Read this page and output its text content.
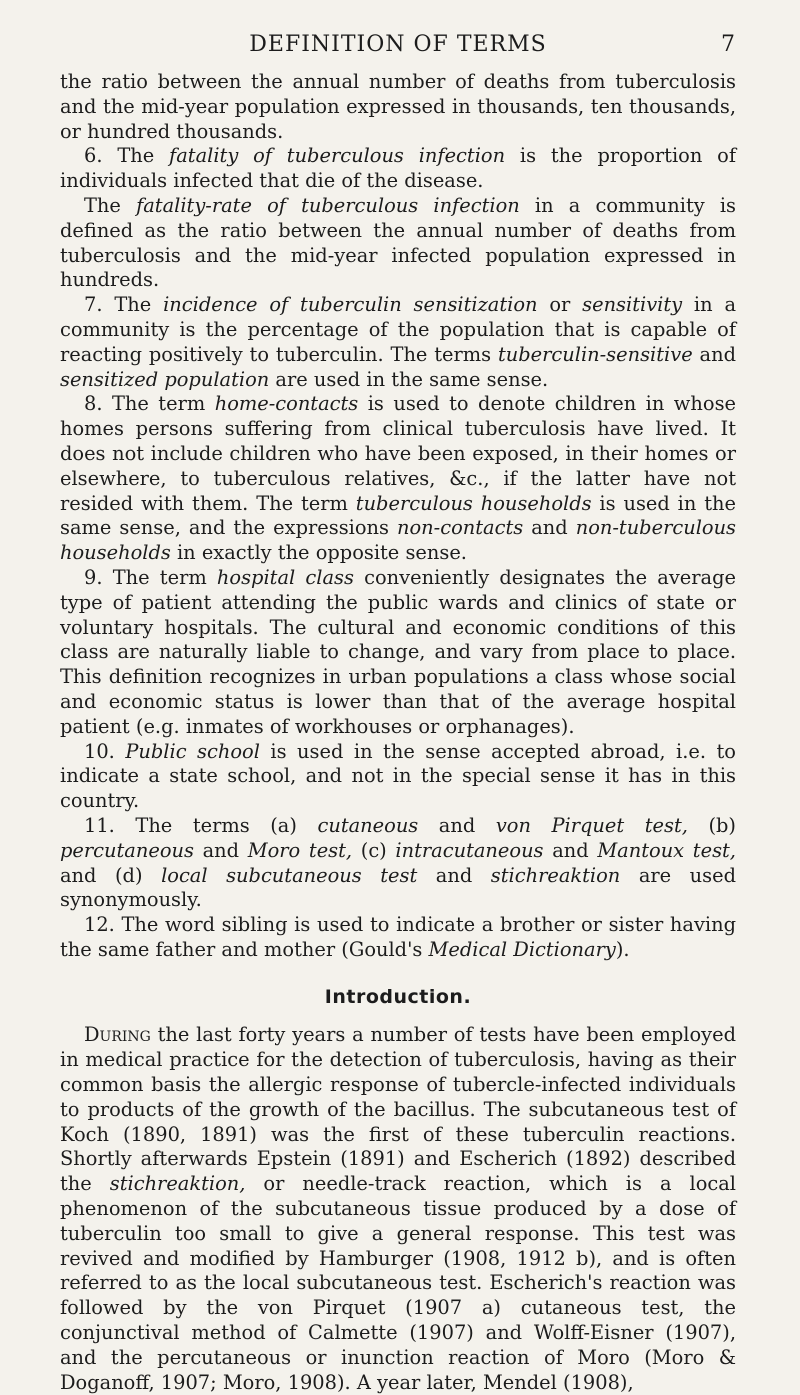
DEFINITION OF TERMS	7

the ratio between the annual number of deaths from tuberculosis and the mid-year population expressed in thousands, ten thousands, or hundred thousands.

6. The fatality of tuberculous infection is the proportion of individuals infected that die of the disease.

The fatality-rate of tuberculous infection in a community is defined as the ratio between the annual number of deaths from tuberculosis and the mid-year infected population expressed in hundreds.

7. The incidence of tuberculin sensitization or sensitivity in a community is the percentage of the population that is capable of reacting positively to tuberculin. The terms tuberculin-sensitive and sensitized population are used in the same sense.

8. The term home-contacts is used to denote children in whose homes persons suffering from clinical tuberculosis have lived. It does not include children who have been exposed, in their homes or elsewhere, to tuberculous relatives, &c., if the latter have not resided with them. The term tuberculous households is used in the same sense, and the expressions non-contacts and non-tuberculous households in exactly the opposite sense.

9. The term hospital class conveniently designates the average type of patient attending the public wards and clinics of state or voluntary hospitals. The cultural and economic conditions of this class are naturally liable to change, and vary from place to place. This definition recognizes in urban populations a class whose social and economic status is lower than that of the average hospital patient (e.g. inmates of workhouses or orphanages).

10. Public school is used in the sense accepted abroad, i.e. to indicate a state school, and not in the special sense it has in this country.

11. The terms (a) cutaneous and von Pirquet test, (b) percutaneous and Moro test, (c) intracutaneous and Mantoux test, and (d) local subcutaneous test and stichreaktion are used synonymously.

12. The word sibling is used to indicate a brother or sister having the same father and mother (Gould's Medical Dictionary).

Introduction.

During the last forty years a number of tests have been employed in medical practice for the detection of tuberculosis, having as their common basis the allergic response of tubercle-infected individuals to products of the growth of the bacillus. The subcutaneous test of Koch (1890, 1891) was the first of these tuberculin reactions. Shortly afterwards Epstein (1891) and Escherich (1892) described the stichreaktion, or needle-track reaction, which is a local phenomenon of the subcutaneous tissue produced by a dose of tuberculin too small to give a general response. This test was revived and modified by Hamburger (1908, 1912 b), and is often referred to as the local subcutaneous test. Escherich's reaction was followed by the von Pirquet (1907 a) cutaneous test, the conjunctival method of Calmette (1907) and Wolff-Eisner (1907), and the percutaneous or inunction reaction of Moro (Moro & Doganoff, 1907; Moro, 1908). A year later, Mendel (1908),
